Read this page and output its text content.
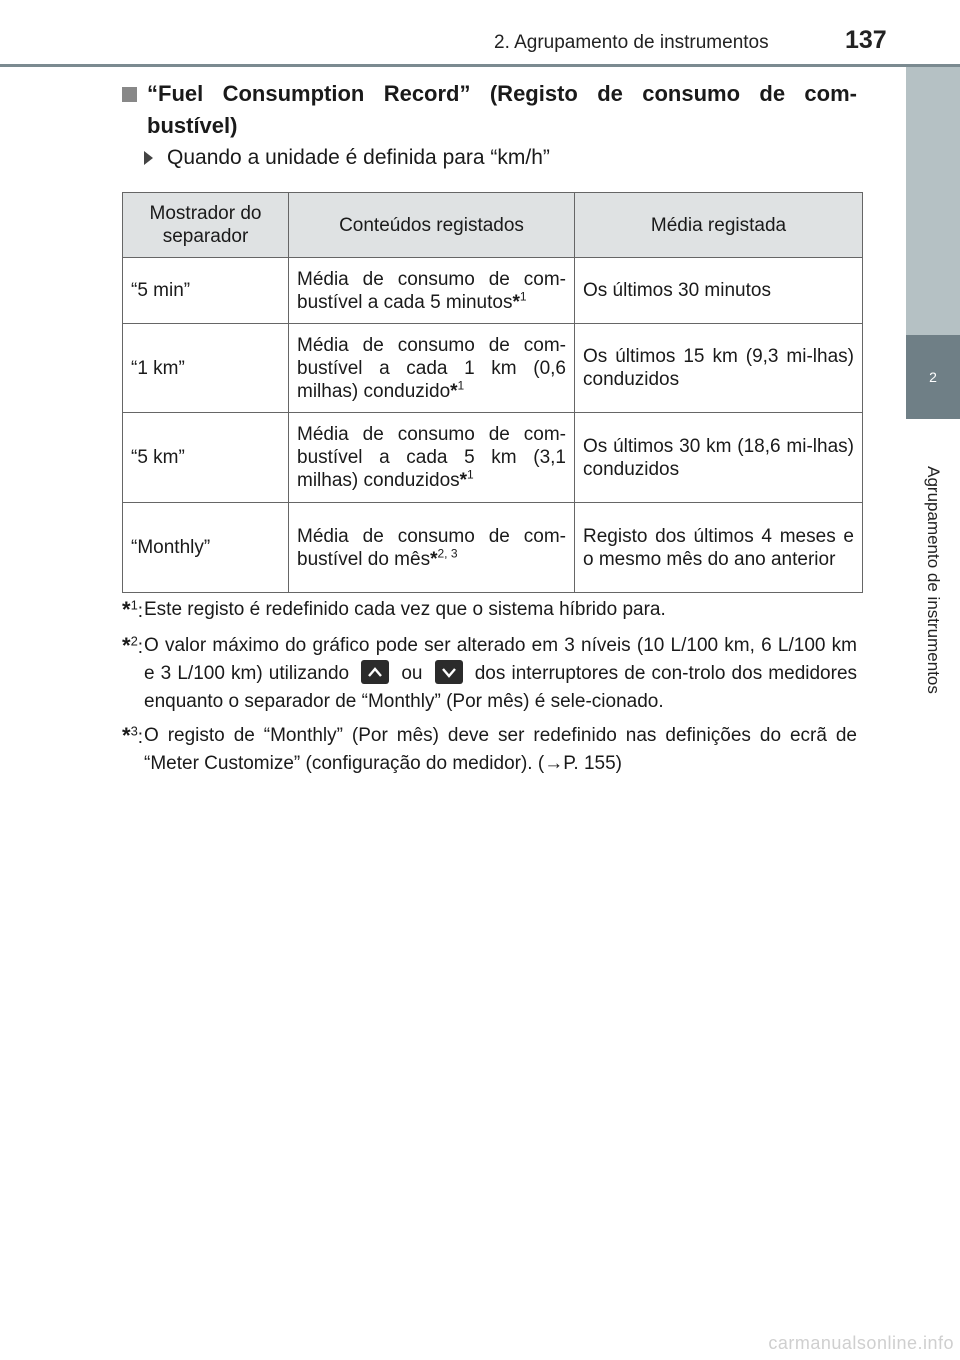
2. Agrupamento de instrumentos	137
2
Agrupamento de instrumentos
“Fuel Consumption Record” (Registo de consumo de com-
bustível)
Quando a unidade é definida para “km/h”
Mostrador do separador	Conteúdos registados	Média registada
“5 min”	Média de consumo de com-bustível a cada 5 minutos*$^1$	Os últimos 30 minutos
“1 km”	Média de consumo de com-bustível a cada 1 km (0,6 milhas) conduzido*$^1$	Os últimos 15 km (9,3 mi-lhas) conduzidos
“5 km”	Média de consumo de com-bustível a cada 5 km (3,1 milhas) conduzidos*$^1$	Os últimos 30 km (18,6 mi-lhas) conduzidos
“Monthly”	Média de consumo de com-bustível do mês*$^{2, 3}$	Registo dos últimos 4 meses e o mesmo mês do ano anterior
*$^1$: Este registo é redefinido cada vez que o sistema híbrido para.
*$^2$: O valor máximo do gráfico pode ser alterado em 3 níveis (10 L/100 km, 6 L/100 km e 3 L/100 km) utilizando	ou	dos interruptores de con-trolo dos medidores enquanto o separador de “Monthly” (Por mês) é sele-cionado.
*$^3$: O registo de “Monthly” (Por mês) deve ser redefinido nas definições do ecrã de “Meter Customize” (configuração do medidor). (→P. 155)
carmanualsonline.info
